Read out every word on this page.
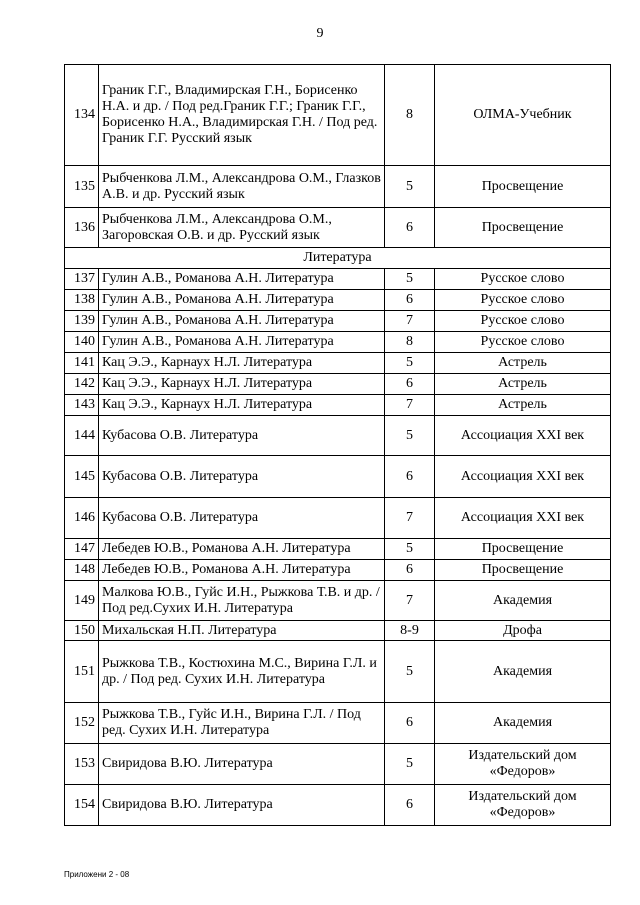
9
134	Граник Г.Г., Владимирская Г.Н., Борисенко Н.А. и др. / Под ред.Граник Г.Г.; Граник Г.Г., Борисенко Н.А., Владимирская Г.Н. / Под ред. Граник Г.Г. Русский язык	8	ОЛМА-Учебник
135	Рыбченкова Л.М., Александрова О.М., Глазков А.В. и др. Русский язык	5	Просвещение
136	Рыбченкова Л.М., Александрова О.М., Загоровская О.В. и др. Русский язык	6	Просвещение
Литература			
137	Гулин А.В., Романова А.Н. Литература	5	Русское слово
138	Гулин А.В., Романова А.Н. Литература	6	Русское слово
139	Гулин А.В., Романова А.Н. Литература	7	Русское слово
140	Гулин А.В., Романова А.Н. Литература	8	Русское слово
141	Кац Э.Э., Карнаух Н.Л. Литература	5	Астрель
142	Кац Э.Э., Карнаух Н.Л. Литература	6	Астрель
143	Кац Э.Э., Карнаух Н.Л. Литература	7	Астрель
144	Кубасова О.В. Литература	5	Ассоциация XXI век
145	Кубасова О.В. Литература	6	Ассоциация XXI век
146	Кубасова О.В. Литература	7	Ассоциация XXI век
147	Лебедев Ю.В., Романова А.Н. Литература	5	Просвещение
148	Лебедев Ю.В., Романова А.Н. Литература	6	Просвещение
149	Малкова Ю.В., Гуйс И.Н., Рыжкова Т.В. и др. / Под ред.Сухих И.Н. Литература	7	Академия
150	Михальская Н.П. Литература	8-9	Дрофа
151	Рыжкова Т.В., Костюхина М.С., Вирина Г.Л. и др. / Под ред. Сухих И.Н. Литература	5	Академия
152	Рыжкова Т.В., Гуйс И.Н., Вирина Г.Л. / Под ред. Сухих И.Н. Литература	6	Академия
153	Свиридова В.Ю. Литература	5	Издательский дом «Федоров»
154	Свиридова В.Ю. Литература	6	Издательский дом «Федоров»
Приложени 2 - 08
